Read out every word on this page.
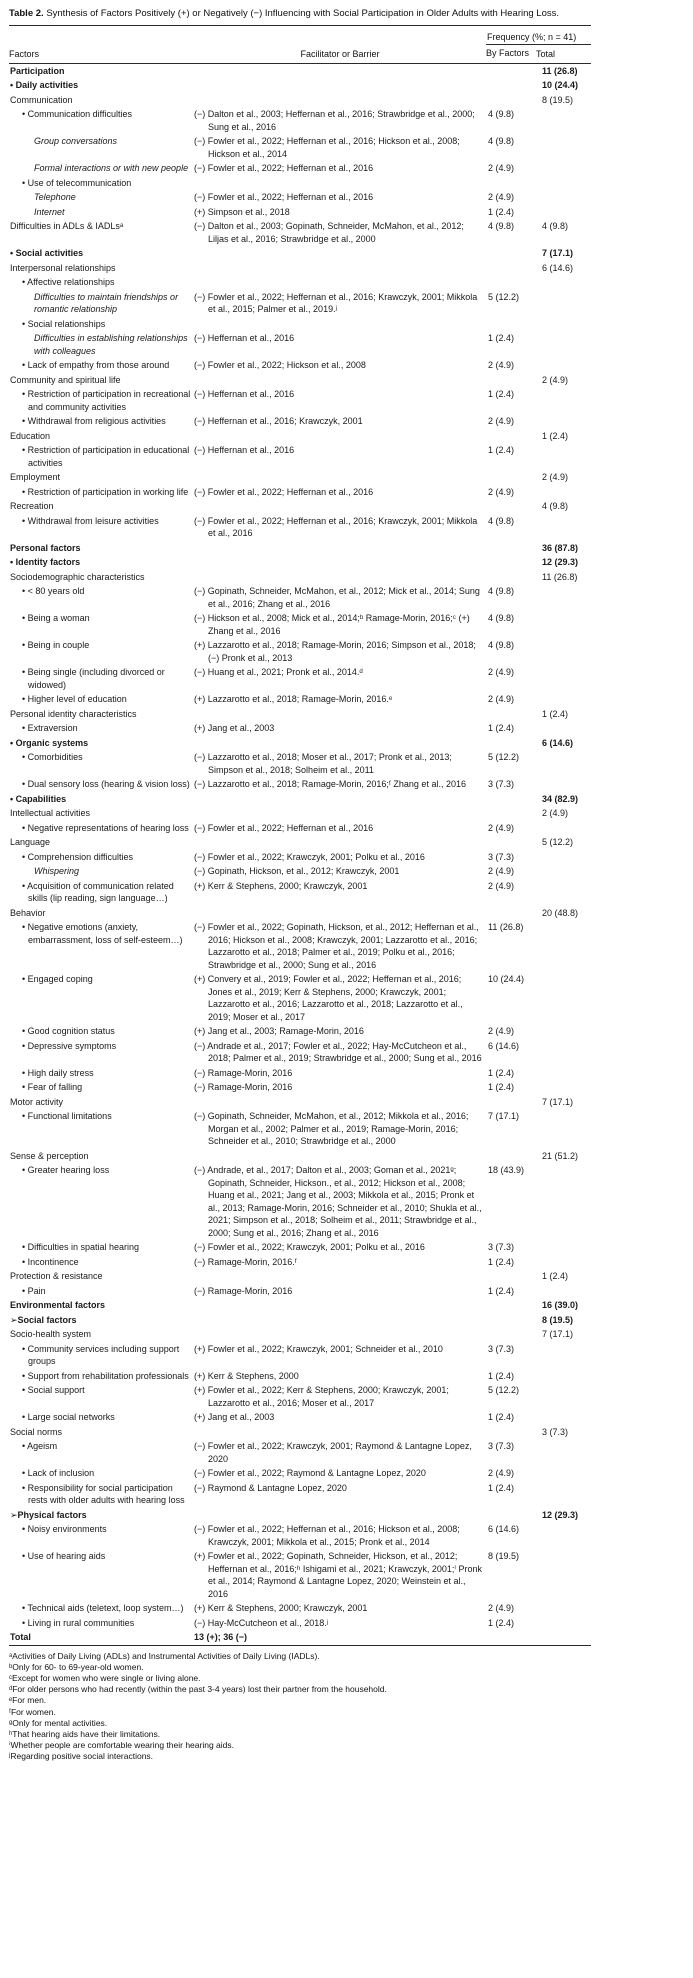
Table 2. Synthesis of Factors Positively (+) or Negatively (−) Influencing with Social Participation in Older Adults with Hearing Loss.
		Frequency (%; n = 41)	
Factors	Facilitator or Barrier	By Factors	Total
Participation			11 (26.8)
• Daily activities			10 (24.4)
Communication			8 (19.5)
• Communication difficulties	(−) Dalton et al., 2003; Heffernan et al., 2016; Strawbridge et al., 2000; Sung et al., 2016	4 (9.8)	
Group conversations	(−) Fowler et al., 2022; Heffernan et al., 2016; Hickson et al., 2008; Hickson et al., 2014	4 (9.8)	
Formal interactions or with new people	(−) Fowler et al., 2022; Heffernan et al., 2016	2 (4.9)	
• Use of telecommunication			
Telephone	(−) Fowler et al., 2022; Heffernan et al., 2016	2 (4.9)	
Internet	(+) Simpson et al., 2018	1 (2.4)	
Difficulties in ADLs & IADLsᵃ	(−) Dalton et al., 2003; Gopinath, Schneider, McMahon, et al., 2012; Liljas et al., 2016; Strawbridge et al., 2000	4 (9.8)	4 (9.8)
• Social activities			7 (17.1)
Interpersonal relationships			6 (14.6)
• Affective relationships			
Difficulties to maintain friendships or romantic relationship	(−) Fowler et al., 2022; Heffernan et al., 2016; Krawczyk, 2001; Mikkola et al., 2015; Palmer et al., 2019.ʲ	5 (12.2)	
• Social relationships			
Difficulties in establishing relationships with colleagues	(−) Heffernan et al., 2016	1 (2.4)	
• Lack of empathy from those around	(−) Fowler et al., 2022; Hickson et al., 2008	2 (4.9)	
Community and spiritual life			2 (4.9)
• Restriction of participation in recreational and community activities	(−) Heffernan et al., 2016	1 (2.4)	
• Withdrawal from religious activities	(−) Heffernan et al., 2016; Krawczyk, 2001	2 (4.9)	
Education			1 (2.4)
• Restriction of participation in educational activities	(−) Heffernan et al., 2016	1 (2.4)	
Employment			2 (4.9)
• Restriction of participation in working life	(−) Fowler et al., 2022; Heffernan et al., 2016	2 (4.9)	
Recreation			4 (9.8)
• Withdrawal from leisure activities	(−) Fowler et al., 2022; Heffernan et al., 2016; Krawczyk, 2001; Mikkola et al., 2016	4 (9.8)	
Personal factors			36 (87.8)
• Identity factors			12 (29.3)
Sociodemographic characteristics			11 (26.8)
• < 80 years old	(−) Gopinath, Schneider, McMahon, et al., 2012; Mick et al., 2014; Sung et al., 2016; Zhang et al., 2016	4 (9.8)	
• Being a woman	(−) Hickson et al., 2008; Mick et al., 2014;ᵇ Ramage-Morin, 2016;ᶜ (+) Zhang et al., 2016	4 (9.8)	
• Being in couple	(+) Lazzarotto et al., 2018; Ramage-Morin, 2016; Simpson et al., 2018; (−) Pronk et al., 2013	4 (9.8)	
• Being single (including divorced or widowed)	(−) Huang et al., 2021; Pronk et al., 2014.ᵈ	2 (4.9)	
• Higher level of education	(+) Lazzarotto et al., 2018; Ramage-Morin, 2016.ᵉ	2 (4.9)	
Personal identity characteristics			1 (2.4)
• Extraversion	(+) Jang et al., 2003	1 (2.4)	
• Organic systems			6 (14.6)
• Comorbidities	(−) Lazzarotto et al., 2018; Moser et al., 2017; Pronk et al., 2013; Simpson et al., 2018; Solheim et al., 2011	5 (12.2)	
• Dual sensory loss (hearing & vision loss)	(−) Lazzarotto et al., 2018; Ramage-Morin, 2016;ᶠ Zhang et al., 2016	3 (7.3)	
• Capabilities			34 (82.9)
Intellectual activities			2 (4.9)
• Negative representations of hearing loss	(−) Fowler et al., 2022; Heffernan et al., 2016	2 (4.9)	
Language			5 (12.2)
• Comprehension difficulties	(−) Fowler et al., 2022; Krawczyk, 2001; Polku et al., 2016	3 (7.3)	
Whispering	(−) Gopinath, Hickson, et al., 2012; Krawczyk, 2001	2 (4.9)	
• Acquisition of communication related skills (lip reading, sign language…)	(+) Kerr & Stephens, 2000; Krawczyk, 2001	2 (4.9)	
Behavior			20 (48.8)
• Negative emotions (anxiety, embarrassment, loss of self-esteem…)	(−) Fowler et al., 2022; Gopinath, Hickson, et al., 2012; Heffernan et al., 2016; Hickson et al., 2008; Krawczyk, 2001; Lazzarotto et al., 2016; Lazzarotto et al., 2018; Palmer et al., 2019; Polku et al., 2016; Strawbridge et al., 2000; Sung et al., 2016	11 (26.8)	
• Engaged coping	(+) Convery et al., 2019; Fowler et al., 2022; Heffernan et al., 2016; Jones et al., 2019; Kerr & Stephens, 2000; Krawczyk, 2001; Lazzarotto et al., 2016; Lazzarotto et al., 2018; Lazzarotto et al., 2019; Moser et al., 2017	10 (24.4)	
• Good cognition status	(+) Jang et al., 2003; Ramage-Morin, 2016	2 (4.9)	
• Depressive symptoms	(−) Andrade et al., 2017; Fowler et al., 2022; Hay-McCutcheon et al., 2018; Palmer et al., 2019; Strawbridge et al., 2000; Sung et al., 2016	6 (14.6)	
• High daily stress	(−) Ramage-Morin, 2016	1 (2.4)	
• Fear of falling	(−) Ramage-Morin, 2016	1 (2.4)	
Motor activity			7 (17.1)
• Functional limitations	(−) Gopinath, Schneider, McMahon, et al., 2012; Mikkola et al., 2016; Morgan et al., 2002; Palmer et al., 2019; Ramage-Morin, 2016; Schneider et al., 2010; Strawbridge et al., 2000	7 (17.1)	
Sense & perception			21 (51.2)
• Greater hearing loss	(−) Andrade, et al., 2017; Dalton et al., 2003; Goman et al., 2021ᵍ; Gopinath, Schneider, Hickson., et al., 2012; Hickson et al., 2008; Huang et al., 2021; Jang et al., 2003; Mikkola et al., 2015; Pronk et al., 2013; Ramage-Morin, 2016; Schneider et al., 2010; Shukla et al., 2021; Simpson et al., 2018; Solheim et al., 2011; Strawbridge et al., 2000; Sung et al., 2016; Zhang et al., 2016	18 (43.9)	
• Difficulties in spatial hearing	(−) Fowler et al., 2022; Krawczyk, 2001; Polku et al., 2016	3 (7.3)	
• Incontinence	(−) Ramage-Morin, 2016.ᶠ	1 (2.4)	
Protection & resistance			1 (2.4)
• Pain	(−) Ramage-Morin, 2016	1 (2.4)	
Environmental factors			16 (39.0)
➢Social factors			8 (19.5)
Socio-health system			7 (17.1)
• Community services including support groups	(+) Fowler et al., 2022; Krawczyk, 2001; Schneider et al., 2010	3 (7.3)	
• Support from rehabilitation professionals	(+) Kerr & Stephens, 2000	1 (2.4)	
• Social support	(+) Fowler et al., 2022; Kerr & Stephens, 2000; Krawczyk, 2001; Lazzarotto et al., 2016; Moser et al., 2017	5 (12.2)	
• Large social networks	(+) Jang et al., 2003	1 (2.4)	
Social norms			3 (7.3)
• Ageism	(−) Fowler et al., 2022; Krawczyk, 2001; Raymond & Lantagne Lopez, 2020	3 (7.3)	
• Lack of inclusion	(−) Fowler et al., 2022; Raymond & Lantagne Lopez, 2020	2 (4.9)	
• Responsibility for social participation rests with older adults with hearing loss	(−) Raymond & Lantagne Lopez, 2020	1 (2.4)	
➢Physical factors			12 (29.3)
• Noisy environments	(−) Fowler et al., 2022; Heffernan et al., 2016; Hickson et al., 2008; Krawczyk, 2001; Mikkola et al., 2015; Pronk et al., 2014	6 (14.6)	
• Use of hearing aids	(+) Fowler et al., 2022; Gopinath, Schneider, Hickson, et al., 2012; Heffernan et al., 2016;ʰ Ishigami et al., 2021; Krawczyk, 2001;ⁱ Pronk et al., 2014; Raymond & Lantagne Lopez, 2020; Weinstein et al., 2016	8 (19.5)	
• Technical aids (teletext, loop system…)	(+) Kerr & Stephens, 2000; Krawczyk, 2001	2 (4.9)	
• Living in rural communities	(−) Hay-McCutcheon et al., 2018.ʲ	1 (2.4)	
Total	13 (+); 36 (−)		
ᵃActivities of Daily Living (ADLs) and Instrumental Activities of Daily Living (IADLs).
ᵇOnly for 60- to 69-year-old women.
ᶜExcept for women who were single or living alone.
ᵈFor older persons who had recently (within the past 3-4 years) lost their partner from the household.
ᵉFor men.
ᶠFor women.
ᵍOnly for mental activities.
ʰThat hearing aids have their limitations.
ⁱWhether people are comfortable wearing their hearing aids.
ʲRegarding positive social interactions.
